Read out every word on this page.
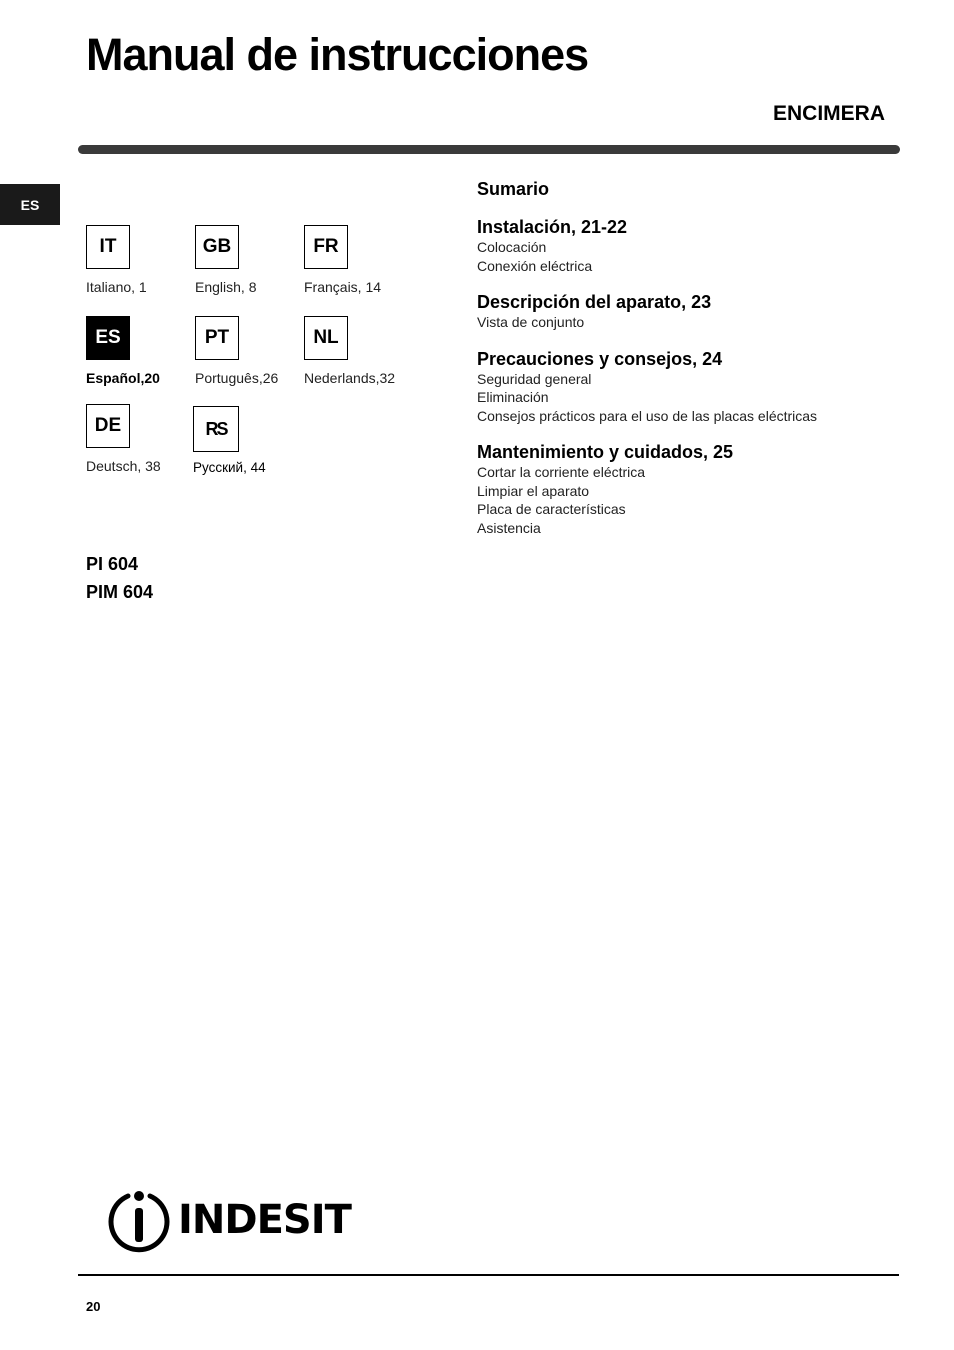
Manual de instrucciones
ENCIMERA
ES
IT
Italiano, 1
GB
English, 8
FR
Français, 14
ES
Español,20
PT
Português,26
NL
Nederlands,32
DE
Deutsch, 38
RS
Русский, 44
PI 604
PIM 604
Sumario
Instalación, 21-22
Colocación
Conexión eléctrica
Descripción del aparato, 23
Vista de conjunto
Precauciones y consejos, 24
Seguridad general
Eliminación
Consejos prácticos para el uso de las placas eléctricas
Mantenimiento y cuidados, 25
Cortar la corriente eléctrica
Limpiar el aparato
Placa de características
Asistencia
INDESIT
20
